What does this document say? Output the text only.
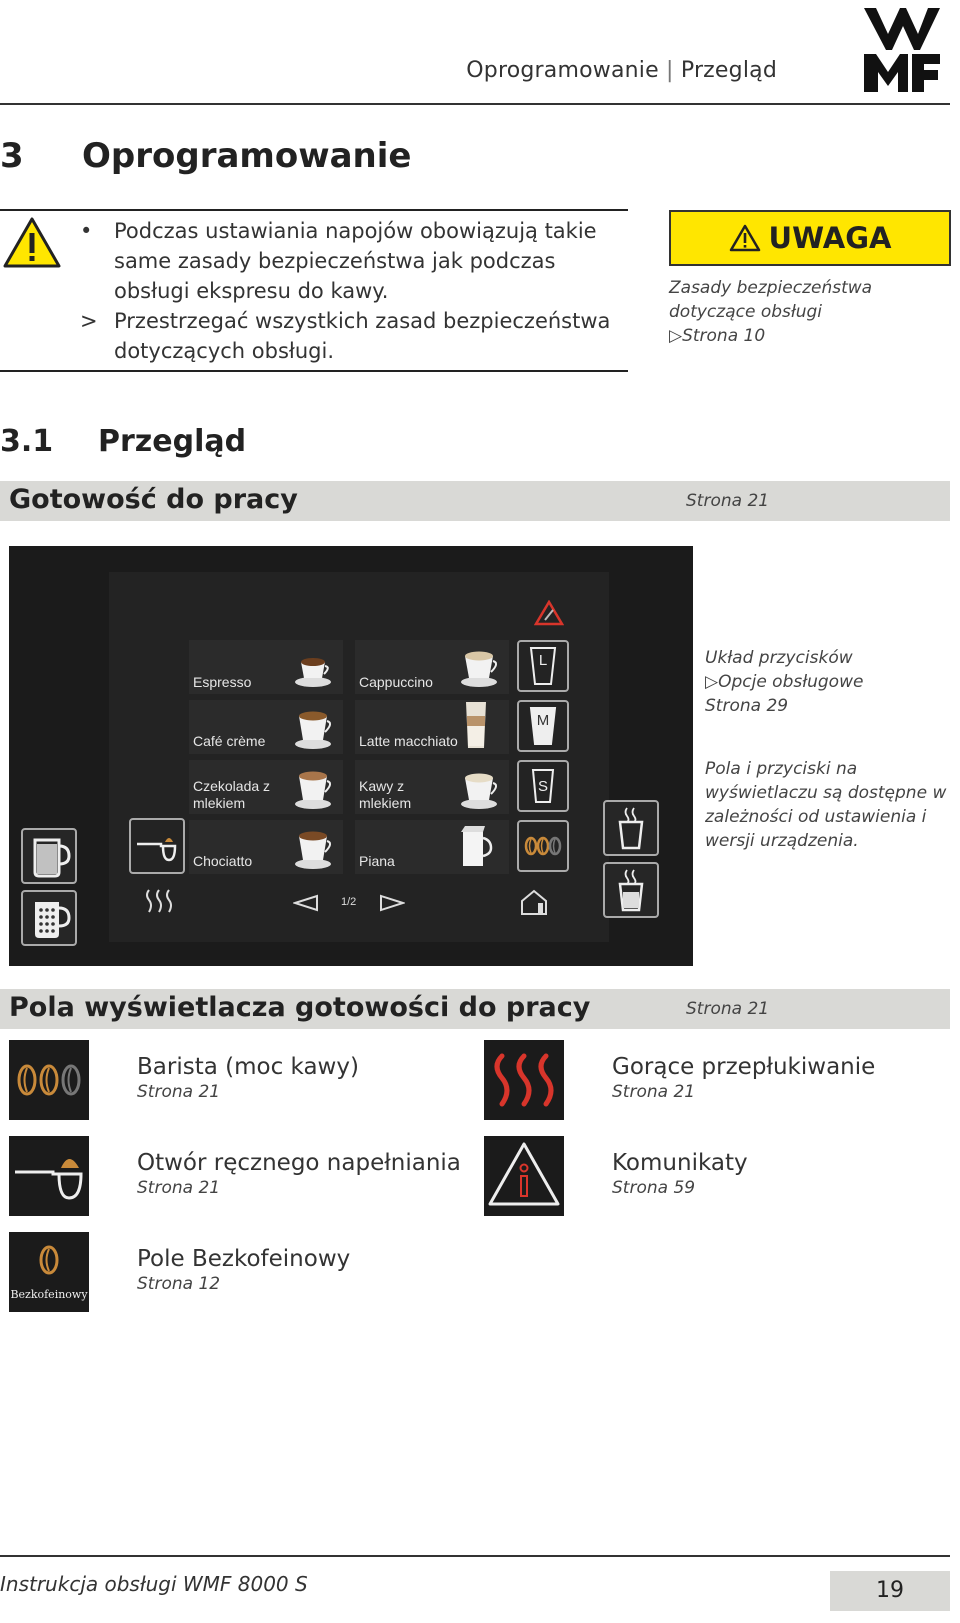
Oprogramowanie | Przegląd
3 Oprogramowanie
•	Podczas ustawiania napojów obowiązują takie same zasady bezpieczeństwa jak podczas obsługi ekspresu do kawy.
> Przestrzegać wszystkich zasad bezpieczeństwa dotyczących obsługi.
UWAGA
Zasady bezpieczeństwa dotyczące obsługi
▷Strona 10
3.1 Przegląd
Gotowość do pracy	Strona 21
Espresso	Cappuccino
Café crème	Latte macchiato
Czekolada z mlekiem
Kawy z mlekiem
Chociatto	Piana
L
M
S
1/2
Układ przycisków
▷Opcje obsługowe
Strona 29
Pola i przyciski na wyświetlaczu są dostępne w zależności od ustawienia i wersji urządzenia.
Pola wyświetlacza gotowości do pracy	Strona 21
Barista (moc kawy)
Strona 21
Gorące przepłukiwanie
Strona 21
Otwór ręcznego napełniania
Strona 21
Komunikaty
Strona 59
Bezkofeinowy
Pole Bezkofeinowy
Strona 12
Instrukcja obsługi WMF 8000 S	19
